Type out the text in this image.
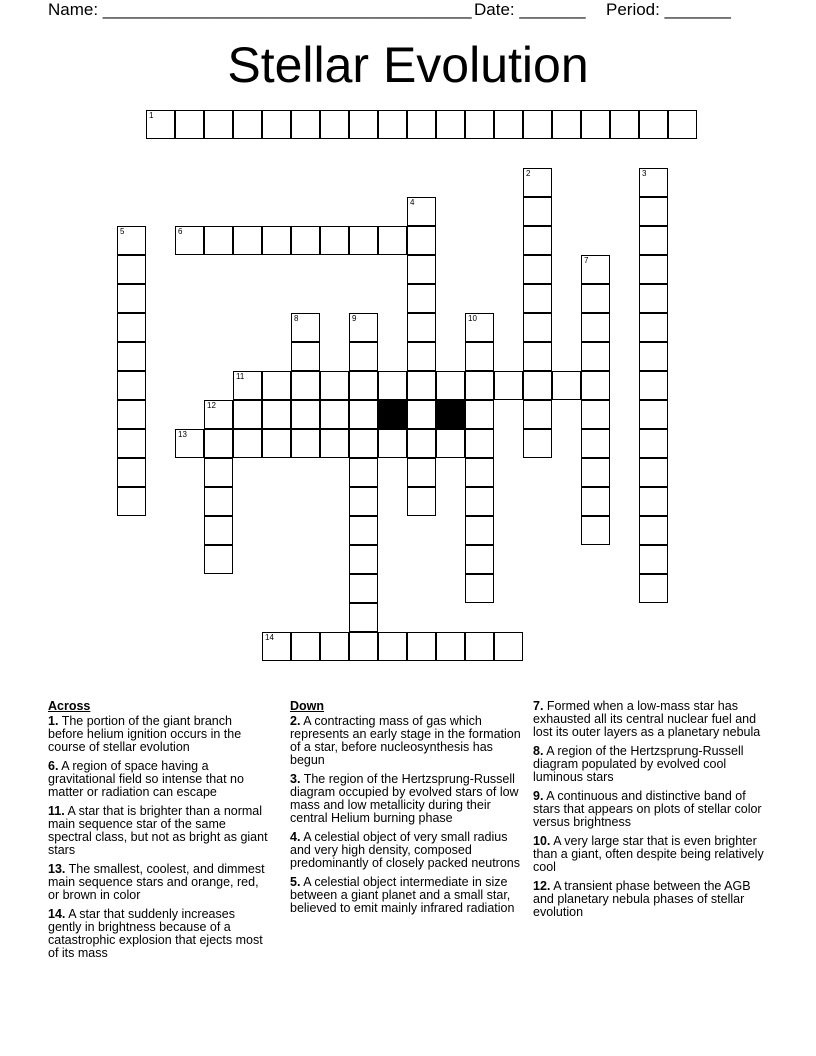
Name: _______________________________________ Date: _______ Period: _______
Stellar Evolution
1
6
11
12
13
14
5
8	9
4
10
2
7
3
Across
1. The portion of the giant branch before helium ignition occurs in the course of stellar evolution
6. A region of space having a gravitational field so intense that no matter or radiation can escape
11. A star that is brighter than a normal main sequence star of the same spectral class, but not as bright as giant stars
13. The smallest, coolest, and dimmest main sequence stars and orange, red, or brown in color
14. A star that suddenly increases gently in brightness because of a catastrophic explosion that ejects most of its mass
Down
2. A contracting mass of gas which represents an early stage in the formation of a star, before nucleosynthesis has begun
3. The region of the Hertzsprung-Russell diagram occupied by evolved stars of low mass and low metallicity during their central Helium burning phase
4. A celestial object of very small radius and very high density, composed predominantly of closely packed neutrons
5. A celestial object intermediate in size between a giant planet and a small star, believed to emit mainly infrared radiation
7. Formed when a low-mass star has exhausted all its central nuclear fuel and lost its outer layers as a planetary nebula
8. A region of the Hertzsprung-Russell diagram populated by evolved cool luminous stars
9. A continuous and distinctive band of stars that appears on plots of stellar color versus brightness
10. A very large star that is even brighter than a giant, often despite being relatively cool
12. A transient phase between the AGB and planetary nebula phases of stellar evolution
